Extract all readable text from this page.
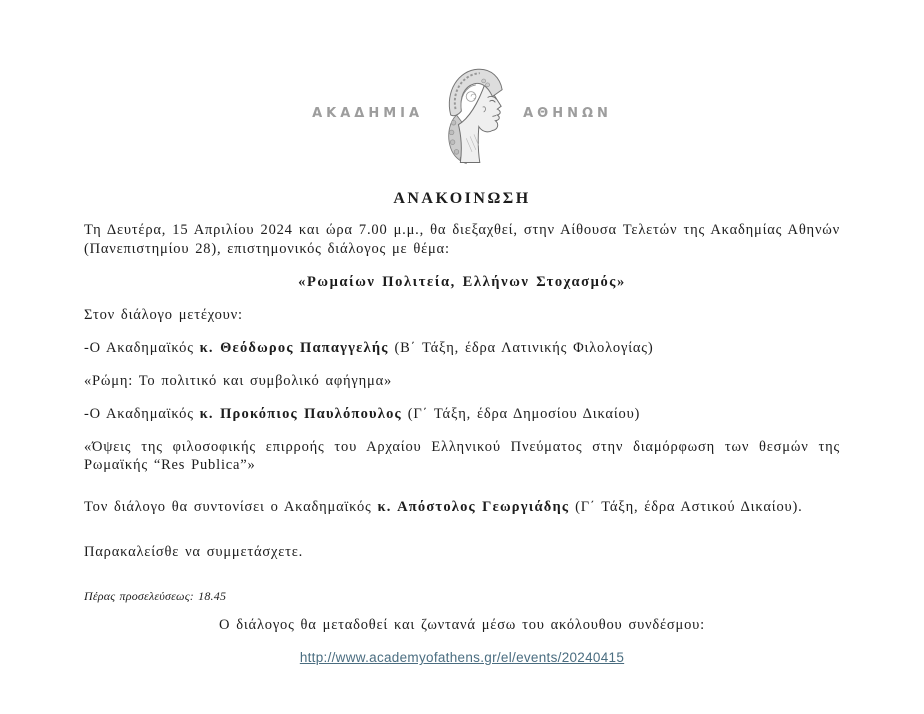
ΑΚΑΔΗΜΙΑ	ΑΘΗΝΩΝ
ΑΝΑΚΟΙΝΩΣΗ

Τη Δευτέρα, 15 Απριλίου 2024 και ώρα 7.00 μ.μ., θα διεξαχθεί, στην Αίθουσα Τελετών της Ακαδημίας Αθηνών (Πανεπιστημίου 28), επιστημονικός διάλογος με θέμα:

«Ρωμαίων Πολιτεία, Ελλήνων Στοχασμός»

Στον διάλογο μετέχουν:

-Ο Ακαδημαϊκός κ. Θεόδωρος Παπαγγελής (Β΄ Τάξη, έδρα Λατινικής Φιλολογίας)

«Ρώμη: Το πολιτικό και συμβολικό αφήγημα»

-Ο Ακαδημαϊκός κ. Προκόπιος Παυλόπουλος (Γ΄ Τάξη, έδρα Δημοσίου Δικαίου)

«Όψεις της φιλοσοφικής επιρροής του Αρχαίου Ελληνικού Πνεύματος στην διαμόρφωση των θεσμών της Ρωμαϊκής “Res Publica”»

Τον διάλογο θα συντονίσει ο Ακαδημαϊκός κ. Απόστολος Γεωργιάδης (Γ΄ Τάξη, έδρα Αστικού Δικαίου).

Παρακαλείσθε να συμμετάσχετε.

Πέρας προσελεύσεως: 18.45

Ο διάλογος θα μεταδοθεί και ζωντανά μέσω του ακόλουθου συνδέσμου:

http://www.academyofathens.gr/el/events/20240415
